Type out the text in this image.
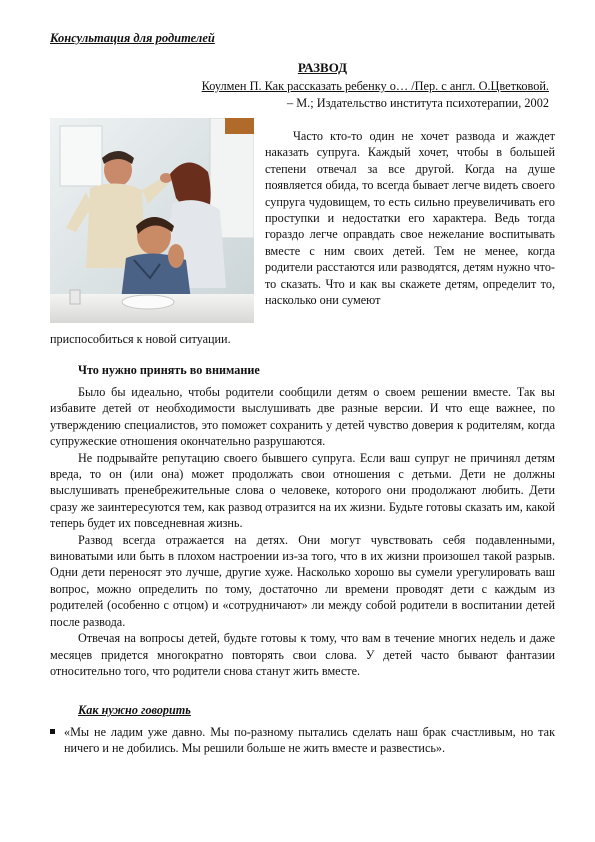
Консультация для родителей
РАЗВОД
Коулмен П. Как рассказать ребенку о… /Пер. с англ. О.Цветковой.
– М.; Издательство института психотерапии, 2002

Часто кто-то один не хочет развода и жаждет наказать супруга. Каждый хочет, чтобы в большей степени отвечал за все другой. Когда на душе появляется обида, то всегда бывает легче видеть своего супруга чудовищем, то есть сильно преувеличивать его проступки и недостатки его характера. Ведь тогда гораздо легче оправдать свое нежелание воспитывать вместе с ним своих детей. Тем не менее, когда родители расстаются или разводятся, детям нужно что-то сказать. Что и как вы скажете детям, определит то, насколько они сумеют

приспособиться к новой ситуации.

Что нужно принять во внимание

Было бы идеально, чтобы родители сообщили детям о своем решении вместе. Так вы избавите детей от необходимости выслушивать две разные версии. И что еще важнее, по утверждению специалистов, это поможет сохранить у детей чувство доверия к родителям, когда супружеские отношения окончательно разрушаются.

Не подрывайте репутацию своего бывшего супруга. Если ваш супруг не причинял детям вреда, то он (или она) может продолжать свои отношения с детьми. Дети не должны выслушивать пренебрежительные слова о человеке, которого они продолжают любить. Дети сразу же заинтересуются тем, как развод отразится на их жизни. Будьте готовы сказать им, какой теперь будет их повседневная жизнь.

Развод всегда отражается на детях. Они могут чувствовать себя подавленными, виноватыми или быть в плохом настроении из-за того, что в их жизни произошел такой разрыв. Одни дети переносят это лучше, другие хуже. Насколько хорошо вы сумели урегулировать ваш вопрос, можно определить по тому, достаточно ли времени проводят дети с каждым из родителей (особенно с отцом) и «сотрудничают» ли между собой родители в воспитании детей после развода.

Отвечая на вопросы детей, будьте готовы к тому, что вам в течение многих недель и даже месяцев придется многократно повторять свои слова. У детей часто бывают фантазии относительно того, что родители снова станут жить вместе.

Как нужно говорить

«Мы не ладим уже давно. Мы по-разному пытались сделать наш брак счастливым, но так ничего и не добились. Мы решили больше не жить вместе и развестись».
